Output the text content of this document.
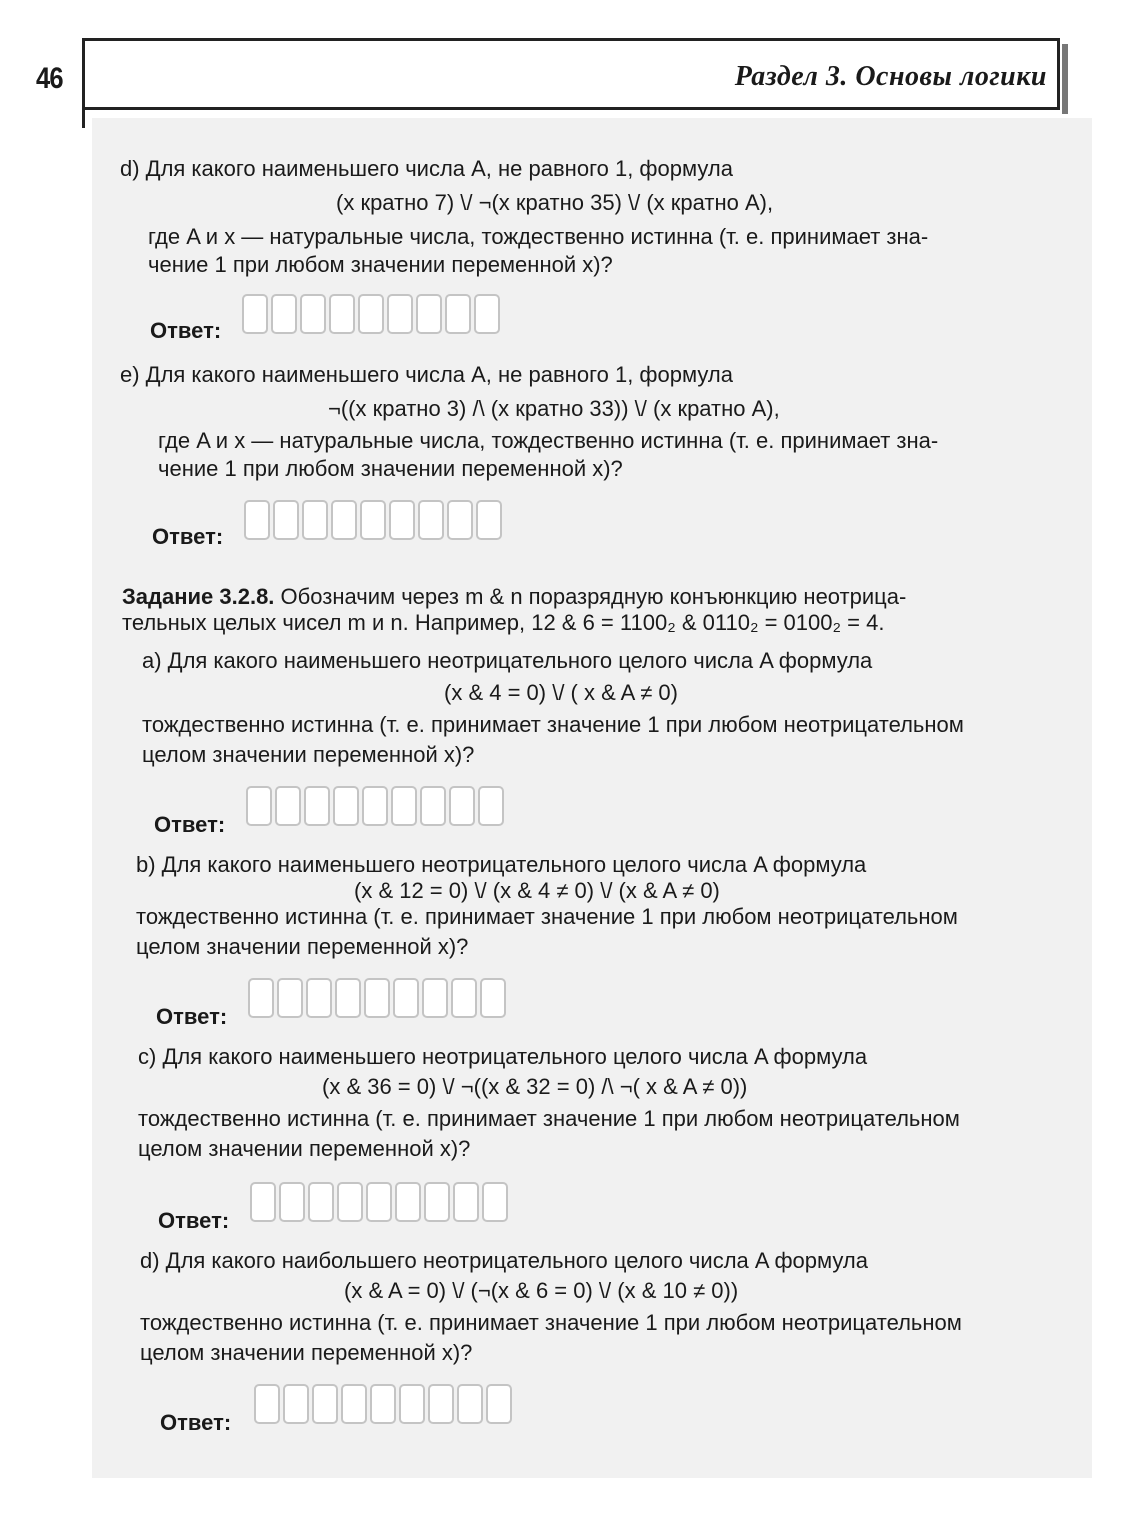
46	Раздел 3. Основы логики
d) Для какого наименьшего числа A, не равного 1, формула
(x кратно 7) \/ ¬(x кратно 35) \/ (x кратно A),
где A и x — натуральные числа, тождественно истинна (т. е. принимает зна-
чение 1 при любом значении переменной x)?
Ответ:
e) Для какого наименьшего числа A, не равного 1, формула
¬((x кратно 3) /\ (x кратно 33)) \/ (x кратно A),
где A и x — натуральные числа, тождественно истинна (т. е. принимает зна-
чение 1 при любом значении переменной x)?
Ответ:
Задание 3.2.8. Обозначим через m & n поразрядную конъюнкцию неотрица-
тельных целых чисел m и n. Например, 12 & 6 = 1100₂ & 0110₂ = 0100₂ = 4.
a) Для какого наименьшего неотрицательного целого числа A формула
(x & 4 = 0) \/ ( x & A ≠ 0)
тождественно истинна (т. е. принимает значение 1 при любом неотрицательном
целом значении переменной x)?
Ответ:
b) Для какого наименьшего неотрицательного целого числа A формула
(x & 12 = 0) \/ (x & 4 ≠ 0) \/ (x & A ≠ 0)
тождественно истинна (т. е. принимает значение 1 при любом неотрицательном
целом значении переменной x)?
Ответ:
c) Для какого наименьшего неотрицательного целого числа A формула
(x & 36 = 0) \/ ¬((x & 32 = 0) /\ ¬( x & A ≠ 0))
тождественно истинна (т. е. принимает значение 1 при любом неотрицательном
целом значении переменной x)?
Ответ:
d) Для какого наибольшего неотрицательного целого числа A формула
(x & A = 0) \/ (¬(x & 6 = 0) \/ (x & 10 ≠ 0))
тождественно истинна (т. е. принимает значение 1 при любом неотрицательном
целом значении переменной x)?
Ответ:
